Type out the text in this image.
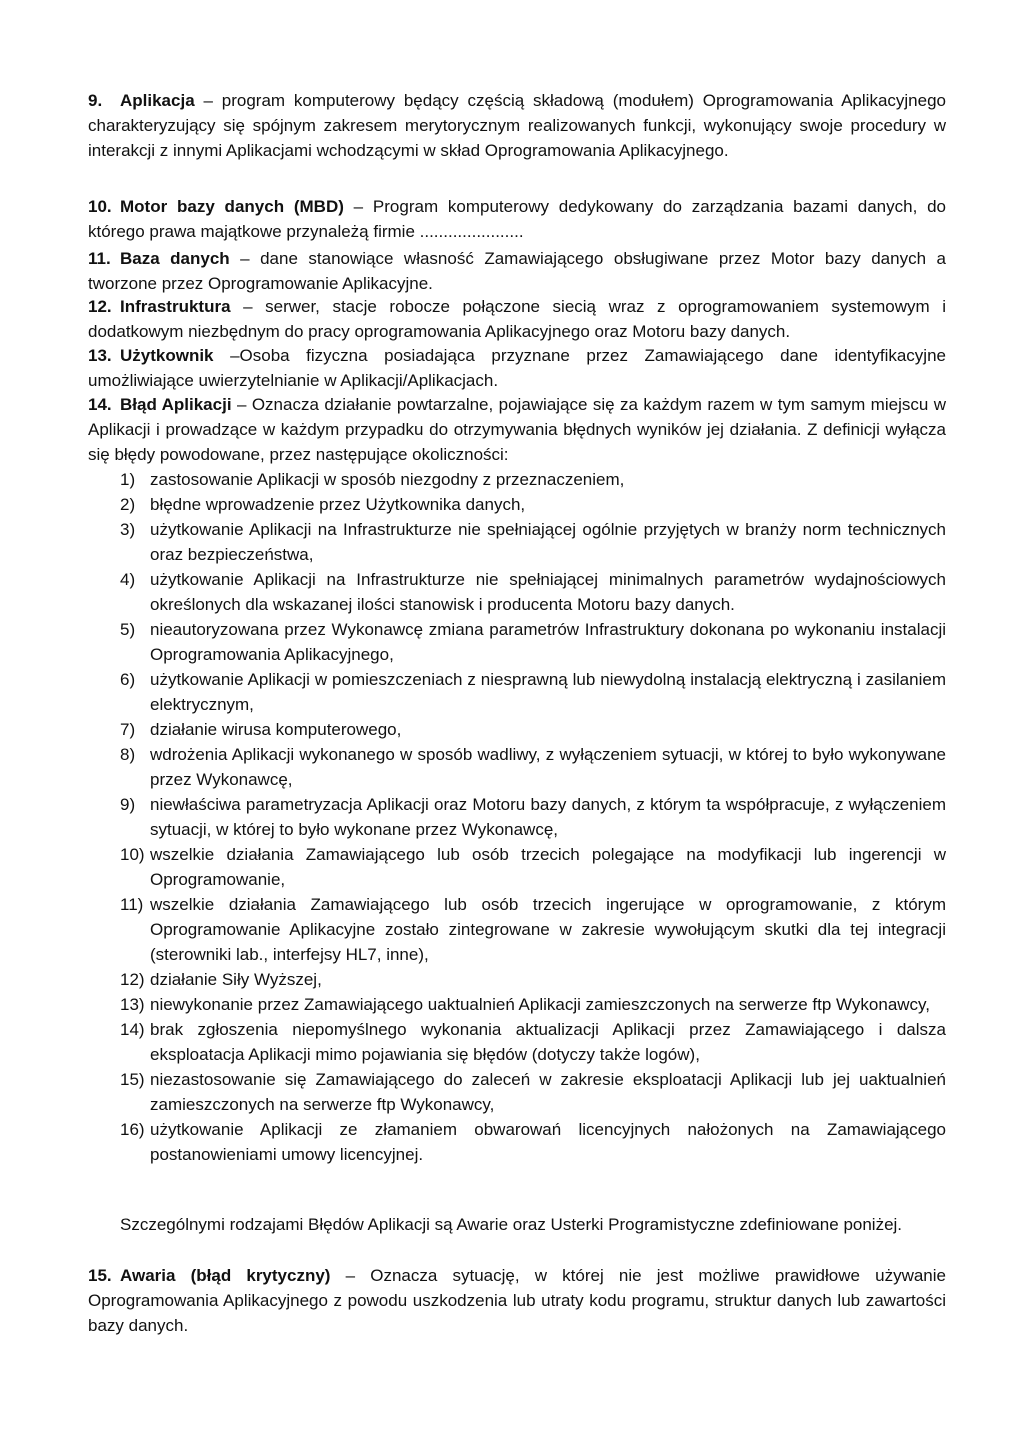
9. Aplikacja – program komputerowy będący częścią składową (modułem) Oprogramowania Aplikacyjnego charakteryzujący się spójnym zakresem merytorycznym realizowanych funkcji, wykonujący swoje procedury w interakcji z innymi Aplikacjami wchodzącymi w skład Oprogramowania Aplikacyjnego.
10. Motor bazy danych (MBD) – Program komputerowy dedykowany do zarządzania bazami danych, do którego prawa majątkowe przynależą firmie ......................
11. Baza danych – dane stanowiące własność Zamawiającego obsługiwane przez Motor bazy danych a tworzone przez Oprogramowanie Aplikacyjne.
12. Infrastruktura – serwer, stacje robocze połączone siecią wraz z oprogramowaniem systemowym i dodatkowym niezbędnym do pracy oprogramowania Aplikacyjnego oraz Motoru bazy danych.
13. Użytkownik –Osoba fizyczna posiadająca przyznane przez Zamawiającego dane identyfikacyjne umożliwiające uwierzytelnianie w Aplikacji/Aplikacjach.
14. Błąd Aplikacji – Oznacza działanie powtarzalne, pojawiające się za każdym razem w tym samym miejscu w Aplikacji i prowadzące w każdym przypadku do otrzymywania błędnych wyników jej działania. Z definicji wyłącza się błędy powodowane, przez następujące okoliczności:
1) zastosowanie Aplikacji w sposób niezgodny z przeznaczeniem,
2) błędne wprowadzenie przez Użytkownika danych,
3) użytkowanie Aplikacji na Infrastrukturze nie spełniającej ogólnie przyjętych w branży norm technicznych oraz bezpieczeństwa,
4) użytkowanie Aplikacji na Infrastrukturze nie spełniającej minimalnych parametrów wydajnościowych określonych dla wskazanej ilości stanowisk i producenta Motoru bazy danych.
5) nieautoryzowana przez Wykonawcę zmiana parametrów Infrastruktury dokonana po wykonaniu instalacji Oprogramowania Aplikacyjnego,
6) użytkowanie Aplikacji w pomieszczeniach z niesprawną lub niewydolną instalacją elektryczną i zasilaniem elektrycznym,
7) działanie wirusa komputerowego,
8) wdrożenia Aplikacji wykonanego w sposób wadliwy, z wyłączeniem sytuacji, w której to było wykonywane przez Wykonawcę,
9) niewłaściwa parametryzacja Aplikacji oraz Motoru bazy danych, z którym ta współpracuje, z wyłączeniem sytuacji, w której to było wykonane przez Wykonawcę,
10) wszelkie działania Zamawiającego lub osób trzecich polegające na modyfikacji lub ingerencji w Oprogramowanie,
11) wszelkie działania Zamawiającego lub osób trzecich ingerujące w oprogramowanie, z którym Oprogramowanie Aplikacyjne zostało zintegrowane w zakresie wywołującym skutki dla tej integracji (sterowniki lab., interfejsy HL7, inne),
12) działanie Siły Wyższej,
13) niewykonanie przez Zamawiającego uaktualnień Aplikacji zamieszczonych na serwerze ftp Wykonawcy,
14) brak zgłoszenia niepomyślnego wykonania aktualizacji Aplikacji przez Zamawiającego i dalsza eksploatacja Aplikacji mimo pojawiania się błędów (dotyczy także logów),
15) niezastosowanie się Zamawiającego do zaleceń w zakresie eksploatacji Aplikacji lub jej uaktualnień zamieszczonych na serwerze ftp Wykonawcy,
16) użytkowanie Aplikacji ze złamaniem obwarowań licencyjnych nałożonych na Zamawiającego postanowieniami umowy licencyjnej.
Szczególnymi rodzajami Błędów Aplikacji są Awarie oraz Usterki Programistyczne zdefiniowane poniżej.
15. Awaria (błąd krytyczny) – Oznacza sytuację, w której nie jest możliwe prawidłowe używanie Oprogramowania Aplikacyjnego z powodu uszkodzenia lub utraty kodu programu, struktur danych lub zawartości bazy danych.
